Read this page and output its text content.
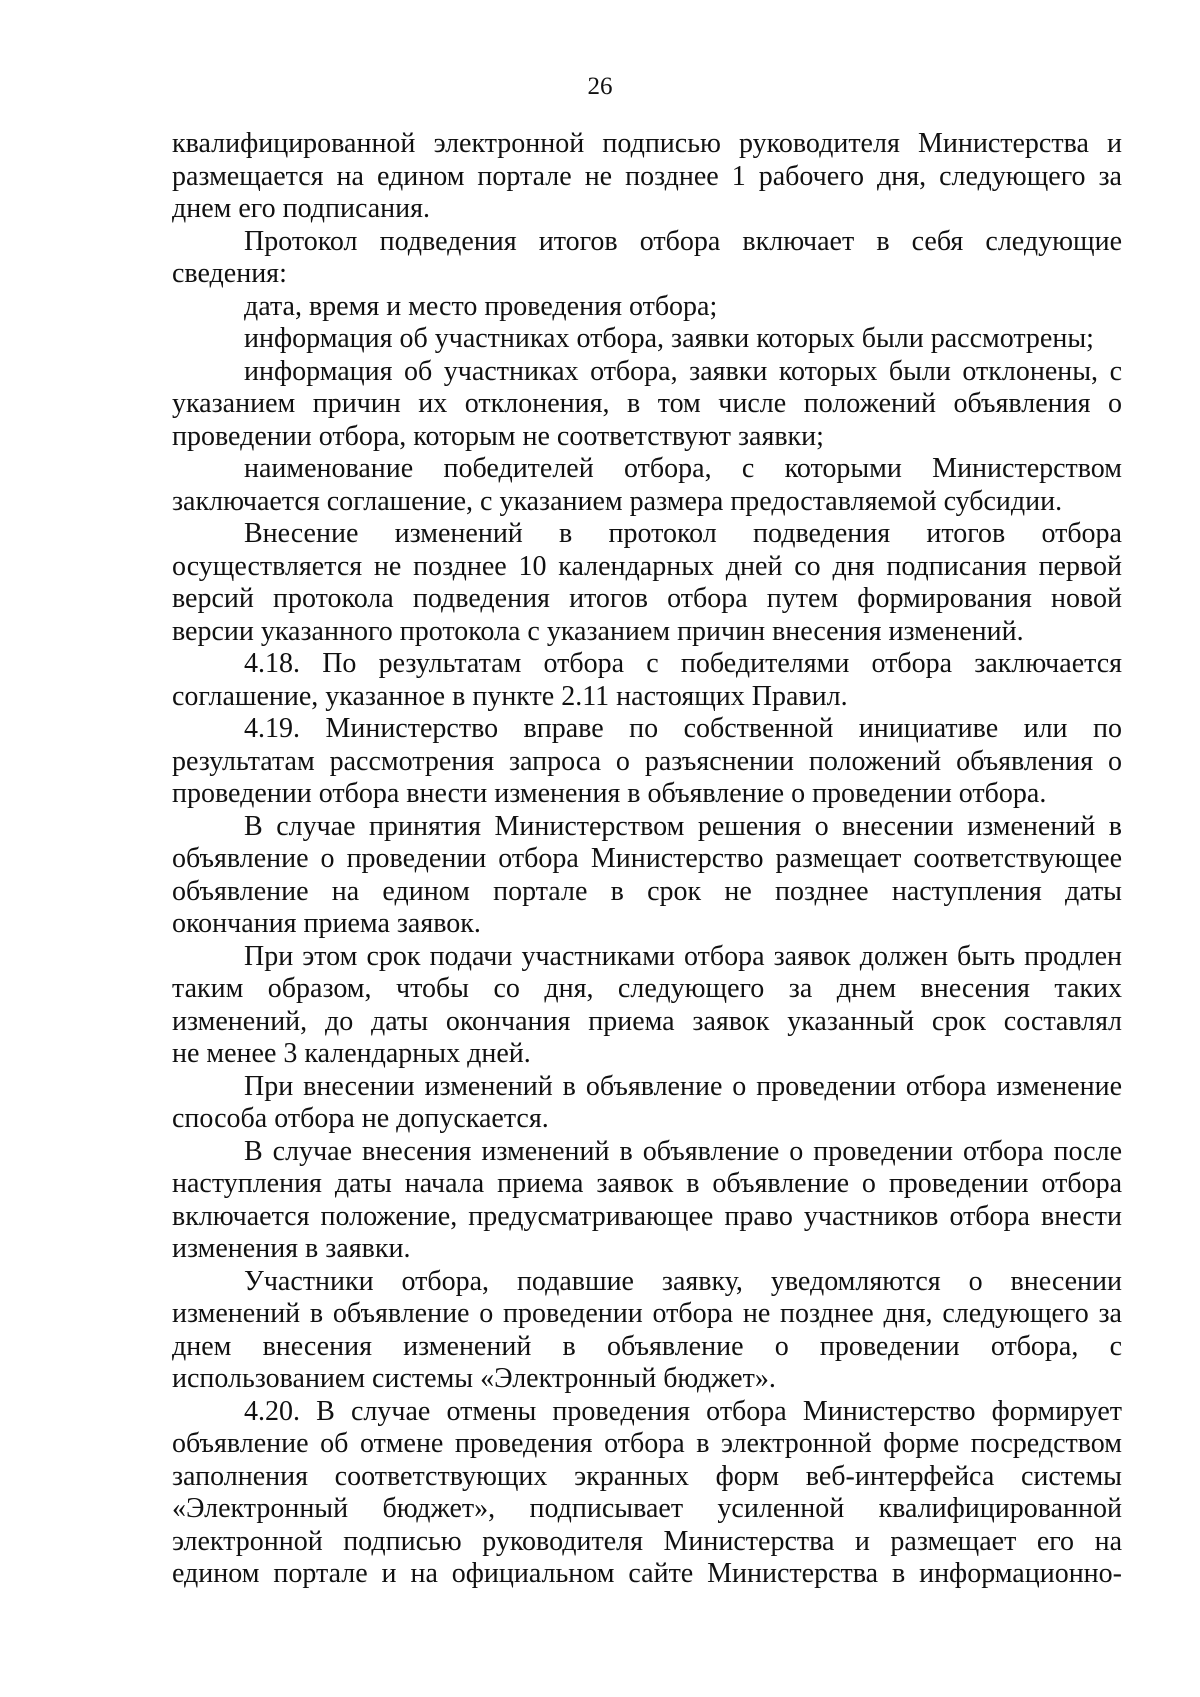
26
квалифицированной электронной подписью руководителя Министерства и
размещается на едином портале не позднее 1 рабочего дня, следующего за
днем его подписания.
Протокол подведения итогов отбора включает в себя следующие
сведения:
дата, время и место проведения отбора;
информация об участниках отбора, заявки которых были рассмотрены;
информация об участниках отбора, заявки которых были отклонены, с
указанием причин их отклонения, в том числе положений объявления о
проведении отбора, которым не соответствуют заявки;
наименование победителей отбора, с которыми Министерством
заключается соглашение, с указанием размера предоставляемой субсидии.
Внесение изменений в протокол подведения итогов отбора
осуществляется не позднее 10 календарных дней со дня подписания первой
версий протокола подведения итогов отбора путем формирования новой
версии указанного протокола с указанием причин внесения изменений.
4.18. По результатам отбора с победителями отбора заключается
соглашение, указанное в пункте 2.11 настоящих Правил.
4.19. Министерство вправе по собственной инициативе или по
результатам рассмотрения запроса о разъяснении положений объявления о
проведении отбора внести изменения в объявление о проведении отбора.
В случае принятия Министерством решения о внесении изменений в
объявление о проведении отбора Министерство размещает соответствующее
объявление на едином портале в срок не позднее наступления даты
окончания приема заявок.
При этом срок подачи участниками отбора заявок должен быть продлен
таким образом, чтобы со дня, следующего за днем внесения таких
изменений, до даты окончания приема заявок указанный срок составлял
не менее 3 календарных дней.
При внесении изменений в объявление о проведении отбора изменение
способа отбора не допускается.
В случае внесения изменений в объявление о проведении отбора после
наступления даты начала приема заявок в объявление о проведении отбора
включается положение, предусматривающее право участников отбора внести
изменения в заявки.
Участники отбора, подавшие заявку, уведомляются о внесении
изменений в объявление о проведении отбора не позднее дня, следующего за
днем внесения изменений в объявление о проведении отбора, с
использованием системы «Электронный бюджет».
4.20. В случае отмены проведения отбора Министерство формирует
объявление об отмене проведения отбора в электронной форме посредством
заполнения соответствующих экранных форм веб-интерфейса системы
«Электронный бюджет», подписывает усиленной квалифицированной
электронной подписью руководителя Министерства и размещает его на
едином портале и на официальном сайте Министерства в информационно-
